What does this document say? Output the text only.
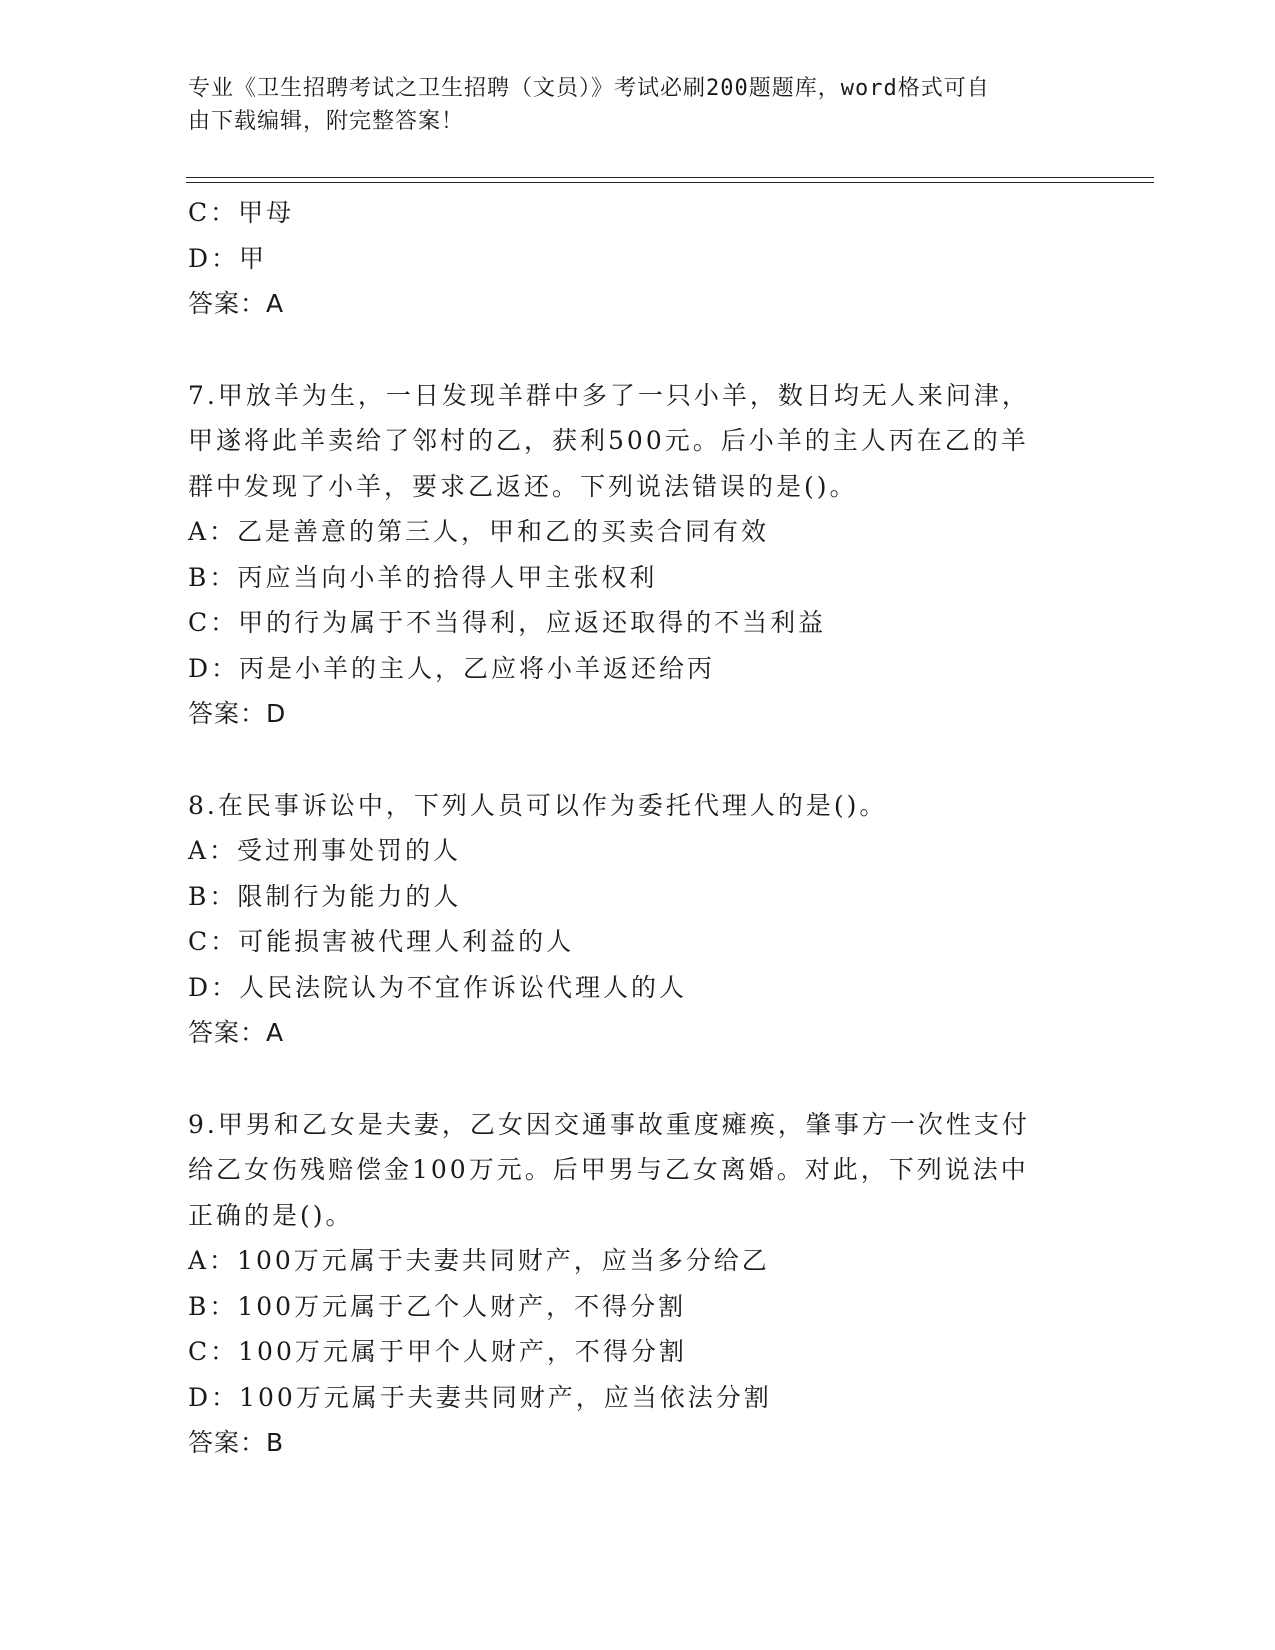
专业《卫生招聘考试之卫生招聘（文员）》考试必刷200题题库，word格式可自
由下载编辑，附完整答案！
C：甲母
D：甲
答案：A
7.甲放羊为生，一日发现羊群中多了一只小羊，数日均无人来问津，
甲遂将此羊卖给了邻村的乙，获利500元。后小羊的主人丙在乙的羊
群中发现了小羊，要求乙返还。下列说法错误的是()。
A：乙是善意的第三人，甲和乙的买卖合同有效
B：丙应当向小羊的拾得人甲主张权利
C：甲的行为属于不当得利，应返还取得的不当利益
D：丙是小羊的主人，乙应将小羊返还给丙
答案：D
8.在民事诉讼中，下列人员可以作为委托代理人的是()。
A：受过刑事处罚的人
B：限制行为能力的人
C：可能损害被代理人利益的人
D：人民法院认为不宜作诉讼代理人的人
答案：A
9.甲男和乙女是夫妻，乙女因交通事故重度瘫痪，肇事方一次性支付
给乙女伤残赔偿金100万元。后甲男与乙女离婚。对此，下列说法中
正确的是()。
A：100万元属于夫妻共同财产，应当多分给乙
B：100万元属于乙个人财产，不得分割
C：100万元属于甲个人财产，不得分割
D：100万元属于夫妻共同财产，应当依法分割
答案：B
